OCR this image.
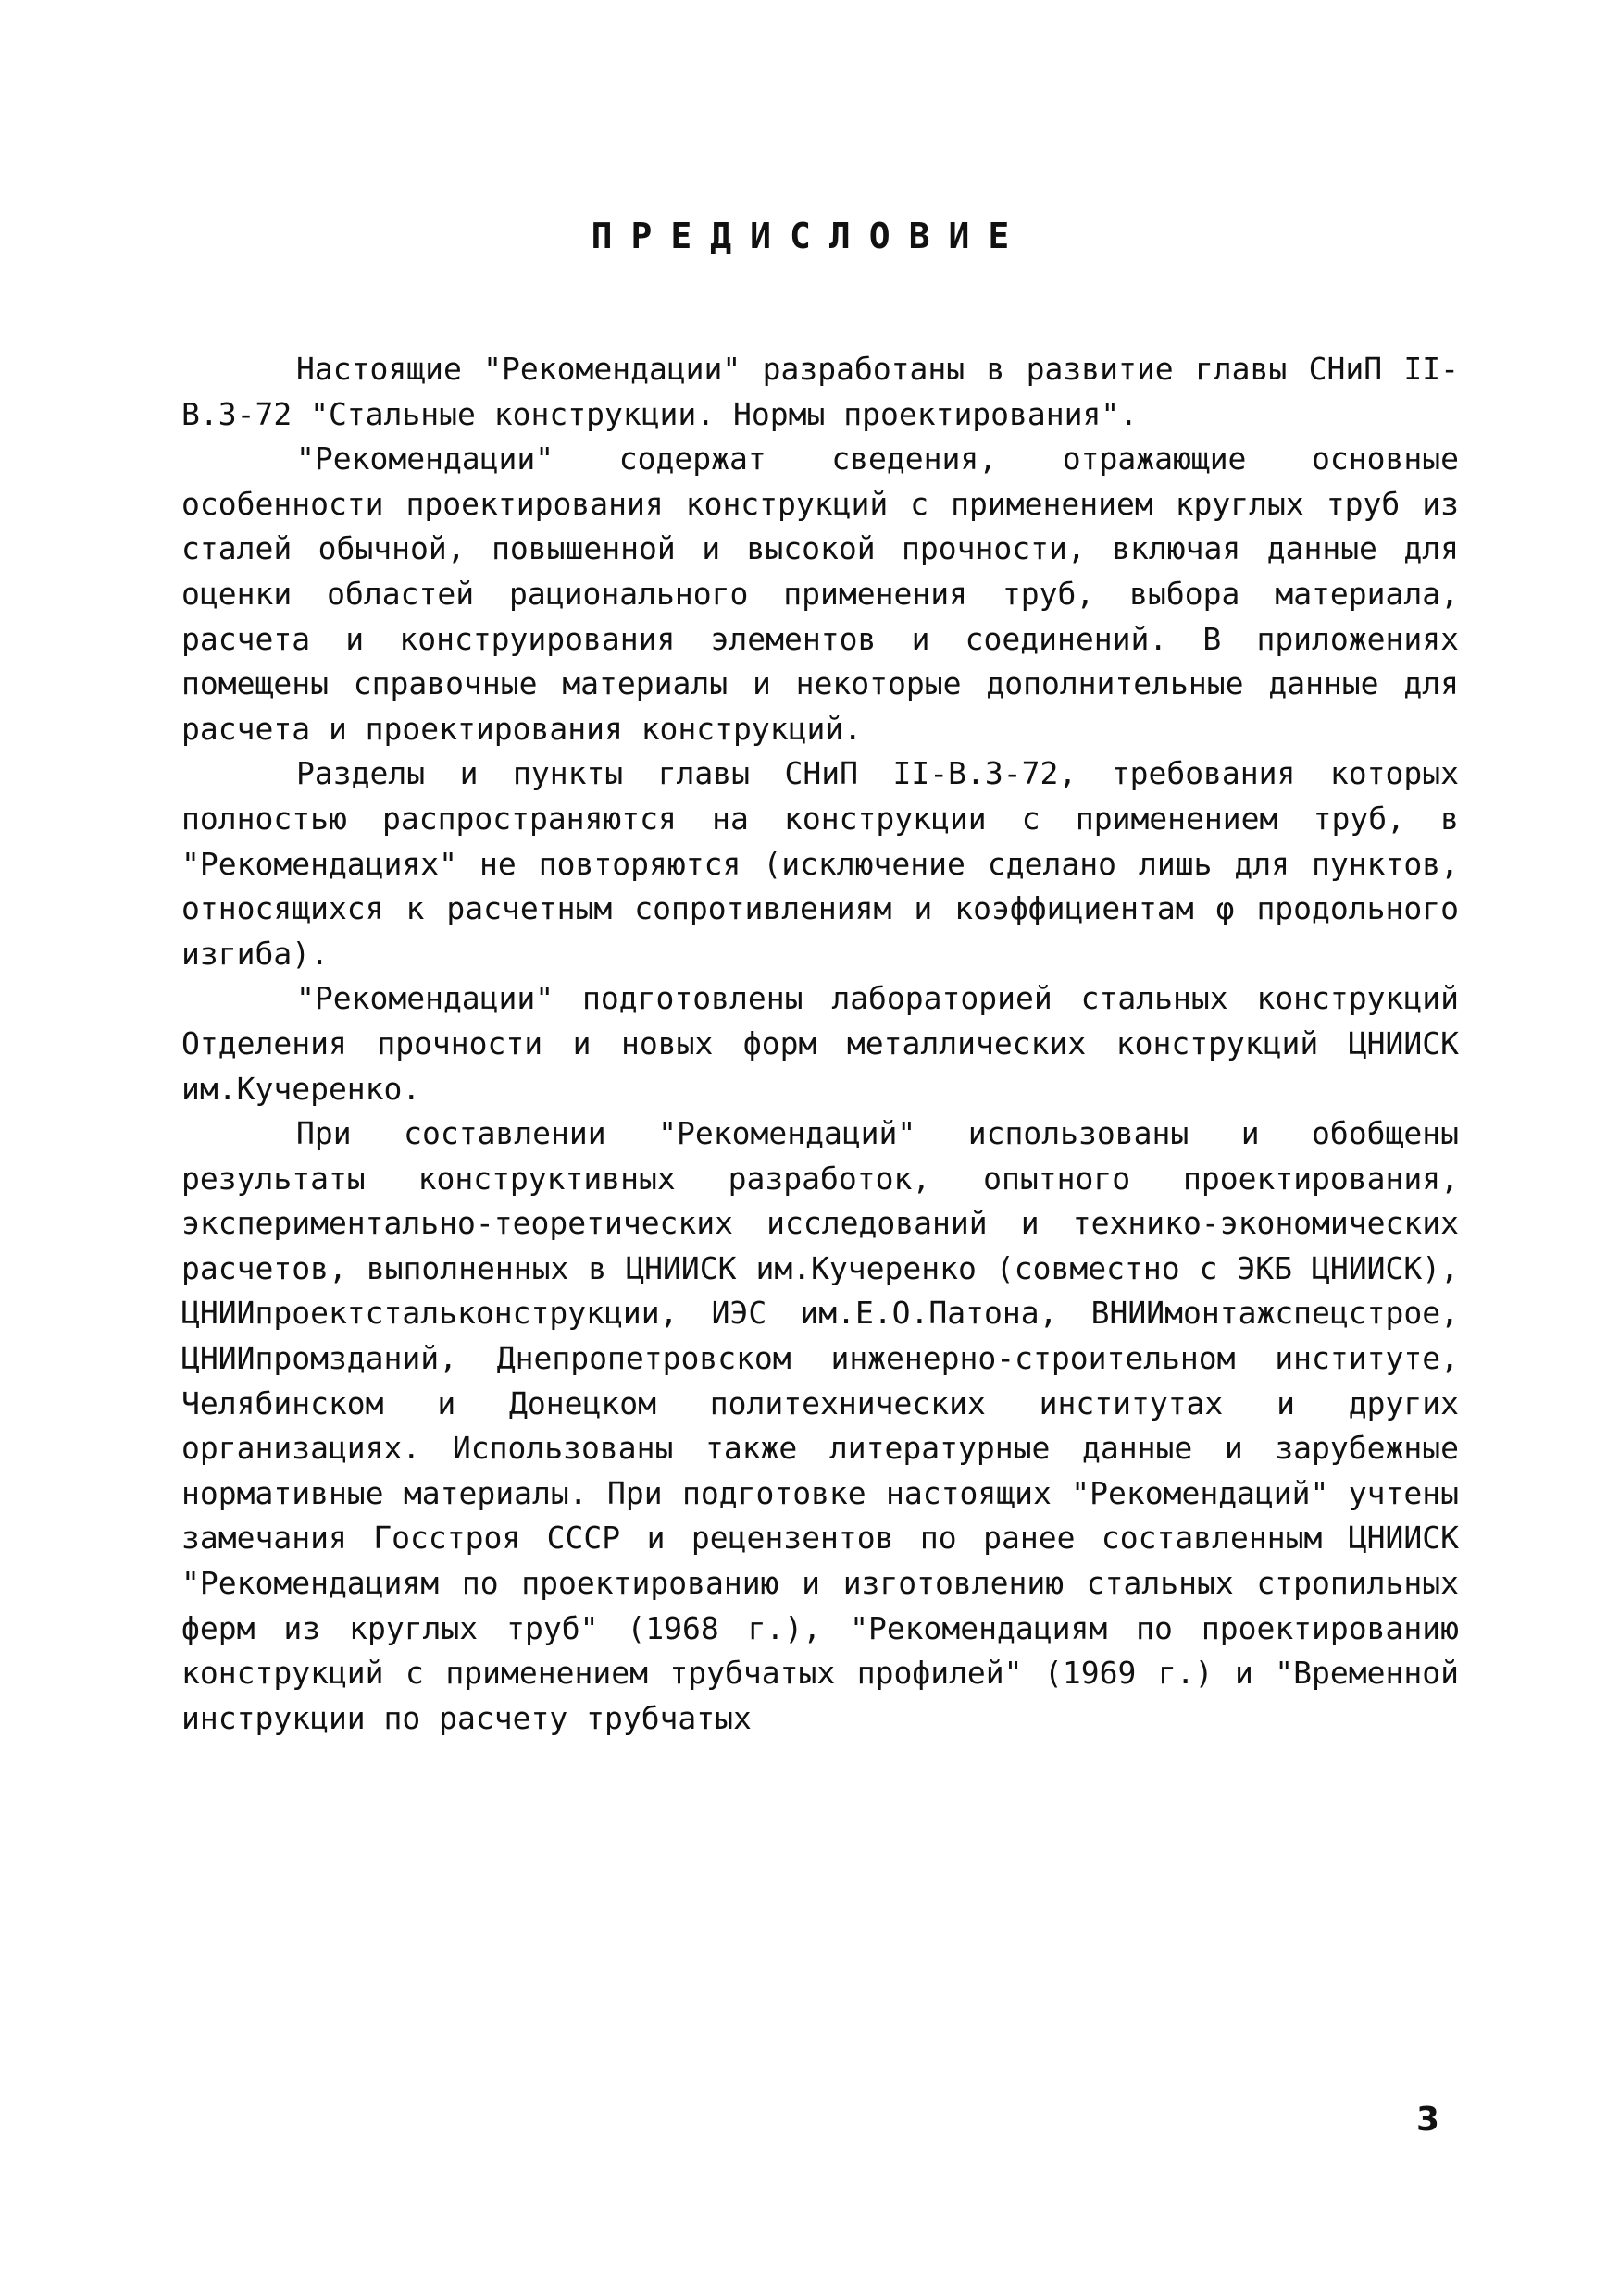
ПРЕДИСЛОВИЕ

Настоящие "Рекомендации" разработаны в развитие главы СНиП II-В.3-72 "Стальные конструкции. Нормы проектирования".

"Рекомендации" содержат сведения, отражающие основные особенности проектирования конструкций с применением круглых труб из сталей обычной, повышенной и высокой прочности, включая данные для оценки областей рационального применения труб, выбора материала, расчета и конструирования элементов и соединений. В приложениях помещены справочные материалы и некоторые дополнительные данные для расчета и проектирования конструкций.

Разделы и пункты главы СНиП II-В.3-72, требования которых полностью распространяются на конструкции с применением труб, в "Рекомендациях" не повторяются (исключение сделано лишь для пунктов, относящихся к расчетным сопротивлениям и коэффициентам φ продольного изгиба).

"Рекомендации" подготовлены лабораторией стальных конструкций Отделения прочности и новых форм металлических конструкций ЦНИИСК им.Кучеренко.

При составлении "Рекомендаций" использованы и обобщены результаты конструктивных разработок, опытного проектирования, экспериментально-теоретических исследований и технико-экономических расчетов, выполненных в ЦНИИСК им.Кучеренко (совместно с ЭКБ ЦНИИСК), ЦНИИпроектстальконструкции, ИЭС им.Е.О.Патона, ВНИИмонтажспецстрое, ЦНИИпромзданий, Днепропетровском инженерно-строительном институте, Челябинском и Донецком политехнических институтах и других организациях. Использованы также литературные данные и зарубежные нормативные материалы. При подготовке настоящих "Рекомендаций" учтены замечания Госстроя СССР и рецензентов по ранее составленным ЦНИИСК "Рекомендациям по проектированию и изготовлению стальных стропильных ферм из круглых труб" (1968 г.), "Рекомендациям по проектированию конструкций с применением трубчатых профилей" (1969 г.) и "Временной инструкции по расчету трубчатых

3
